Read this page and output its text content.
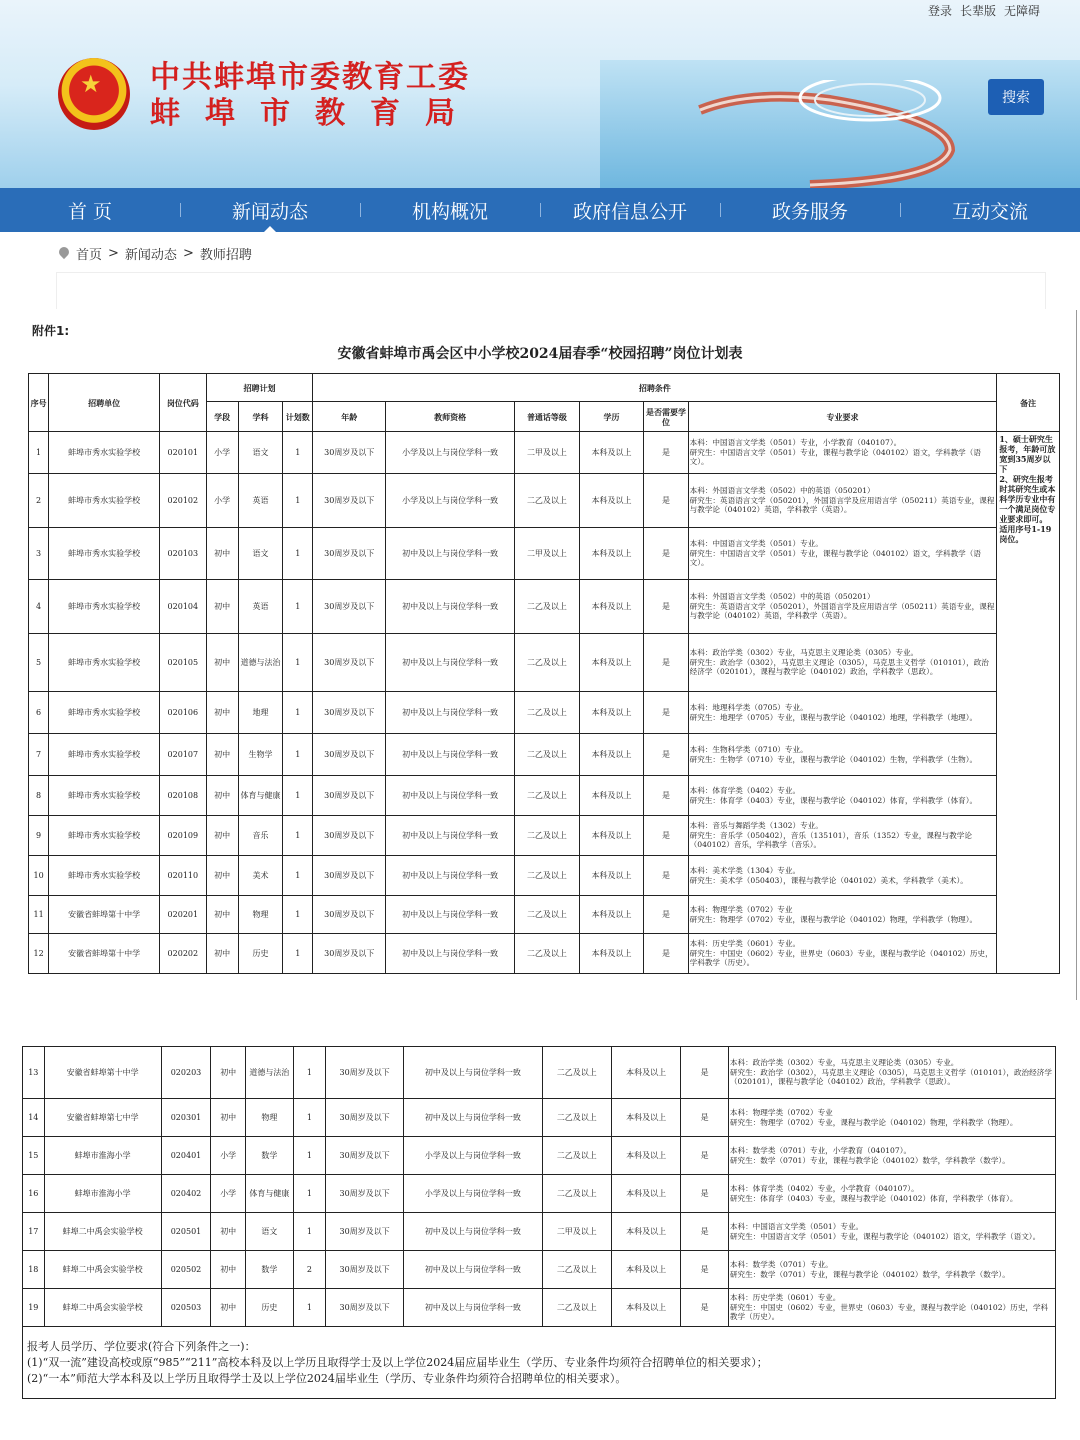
登录 长辈版 无障碍
★ 中共蚌埠市委教育工委
蚌埠市教育局	搜索
首 页	新闻动态	机构概况	政府信息公开	政务服务	互动交流
首页 > 新闻动态 > 教师招聘
附件1:
安徽省蚌埠市禹会区中小学校2024届春季“校园招聘”岗位计划表
序号	招聘单位	岗位代码	招聘计划			招聘条件						备注
			学段	学科	计划数	年龄	教师资格	普通话等级	学历	是否需要学位	专业要求	
1	蚌埠市秀水实验学校	020101	小学	语文	1	30周岁及以下	小学及以上与岗位学科一致	二甲及以上	本科及以上	是	本科：中国语言文学类（0501）专业，小学教育（040107）。
研究生：中国语言文学（0501）专业，课程与教学论（040102）语文，学科教学（语文）。	1、硕士研究生报考，年龄可放宽到35周岁以下
2、研究生报考时其研究生或本科学历专业中有一个满足岗位专业要求即可。
适用序号1-19岗位。
2	蚌埠市秀水实验学校	020102	小学	英语	1	30周岁及以下	小学及以上与岗位学科一致	二乙及以上	本科及以上	是	本科：外国语言文学类（0502）中的英语（050201）
研究生：英语语言文学（050201），外国语言学及应用语言学（050211）英语专业，课程与教学论（040102）英语，学科教学（英语）。	
3	蚌埠市秀水实验学校	020103	初中	语文	1	30周岁及以下	初中及以上与岗位学科一致	二甲及以上	本科及以上	是	本科：中国语言文学类（0501）专业。
研究生：中国语言文学（0501）专业，课程与教学论（040102）语文，学科教学（语文）。	
4	蚌埠市秀水实验学校	020104	初中	英语	1	30周岁及以下	初中及以上与岗位学科一致	二乙及以上	本科及以上	是	本科：外国语言文学类（0502）中的英语（050201）
研究生：英语语言文学（050201），外国语言学及应用语言学（050211）英语专业，课程与教学论（040102）英语，学科教学（英语）。	
5	蚌埠市秀水实验学校	020105	初中	道德与法治	1	30周岁及以下	初中及以上与岗位学科一致	二乙及以上	本科及以上	是	本科：政治学类（0302）专业，马克思主义理论类（0305）专业。
研究生：政治学（0302），马克思主义理论（0305），马克思主义哲学（010101），政治经济学（020101），课程与教学论（040102）政治，学科教学（思政）。	
6	蚌埠市秀水实验学校	020106	初中	地理	1	30周岁及以下	初中及以上与岗位学科一致	二乙及以上	本科及以上	是	本科：地理科学类（0705）专业。
研究生：地理学（0705）专业，课程与教学论（040102）地理，学科教学（地理）。	
7	蚌埠市秀水实验学校	020107	初中	生物学	1	30周岁及以下	初中及以上与岗位学科一致	二乙及以上	本科及以上	是	本科：生物科学类（0710）专业。
研究生：生物学（0710）专业，课程与教学论（040102）生物，学科教学（生物）。	
8	蚌埠市秀水实验学校	020108	初中	体育与健康	1	30周岁及以下	初中及以上与岗位学科一致	二乙及以上	本科及以上	是	本科：体育学类（0402）专业。
研究生：体育学（0403）专业，课程与教学论（040102）体育，学科教学（体育）。	
9	蚌埠市秀水实验学校	020109	初中	音乐	1	30周岁及以下	初中及以上与岗位学科一致	二乙及以上	本科及以上	是	本科：音乐与舞蹈学类（1302）专业。
研究生：音乐学（050402），音乐（135101），音乐（1352）专业，课程与教学论（040102）音乐，学科教学（音乐）。	
10	蚌埠市秀水实验学校	020110	初中	美术	1	30周岁及以下	初中及以上与岗位学科一致	二乙及以上	本科及以上	是	本科：美术学类（1304）专业。
研究生：美术学（050403），课程与教学论（040102）美术，学科教学（美术）。	
11	安徽省蚌埠第十中学	020201	初中	物理	1	30周岁及以下	初中及以上与岗位学科一致	二乙及以上	本科及以上	是	本科：物理学类（0702）专业
研究生：物理学（0702）专业，课程与教学论（040102）物理，学科教学（物理）。	
12	安徽省蚌埠第十中学	020202	初中	历史	1	30周岁及以下	初中及以上与岗位学科一致	二乙及以上	本科及以上	是	本科：历史学类（0601）专业。
研究生：中国史（0602）专业，世界史（0603）专业，课程与教学论（040102）历史，学科教学（历史）。	
13	安徽省蚌埠第十中学	020203	初中	道德与法治	1	30周岁及以下	初中及以上与岗位学科一致	二乙及以上	本科及以上	是	本科：政治学类（0302）专业，马克思主义理论类（0305）专业。
研究生：政治学（0302），马克思主义理论（0305），马克思主义哲学（010101），政治经济学（020101），课程与教学论（040102）政治，学科教学（思政）。
14	安徽省蚌埠第七中学	020301	初中	物理	1	30周岁及以下	初中及以上与岗位学科一致	二乙及以上	本科及以上	是	本科：物理学类（0702）专业
研究生：物理学（0702）专业，课程与教学论（040102）物理，学科教学（物理）。
15	蚌埠市淮海小学	020401	小学	数学	1	30周岁及以下	小学及以上与岗位学科一致	二乙及以上	本科及以上	是	本科：数学类（0701）专业，小学教育（040107）。
研究生：数学（0701）专业，课程与教学论（040102）数学，学科教学（数学）。
16	蚌埠市淮海小学	020402	小学	体育与健康	1	30周岁及以下	小学及以上与岗位学科一致	二乙及以上	本科及以上	是	本科：体育学类（0402）专业，小学教育（040107）。
研究生：体育学（0403）专业，课程与教学论（040102）体育，学科教学（体育）。
17	蚌埠二中禹会实验学校	020501	初中	语文	1	30周岁及以下	初中及以上与岗位学科一致	二甲及以上	本科及以上	是	本科：中国语言文学类（0501）专业。
研究生：中国语言文学（0501）专业，课程与教学论（040102）语文，学科教学（语文）。
18	蚌埠二中禹会实验学校	020502	初中	数学	2	30周岁及以下	初中及以上与岗位学科一致	二乙及以上	本科及以上	是	本科：数学类（0701）专业。
研究生：数学（0701）专业，课程与教学论（040102）数学，学科教学（数学）。
19	蚌埠二中禹会实验学校	020503	初中	历史	1	30周岁及以下	初中及以上与岗位学科一致	二乙及以上	本科及以上	是	本科：历史学类（0601）专业。
研究生：中国史（0602）专业，世界史（0603）专业，课程与教学论（040102）历史，学科教学（历史）。
报考人员学历、学位要求(符合下列条件之一)：
(1)“双一流”建设高校或原“985”“211”高校本科及以上学历且取得学士及以上学位2024届应届毕业生（学历、专业条件均须符合招聘单位的相关要求）；
(2)“一本”师范大学本科及以上学历且取得学士及以上学位2024届毕业生（学历、专业条件均须符合招聘单位的相关要求）。
